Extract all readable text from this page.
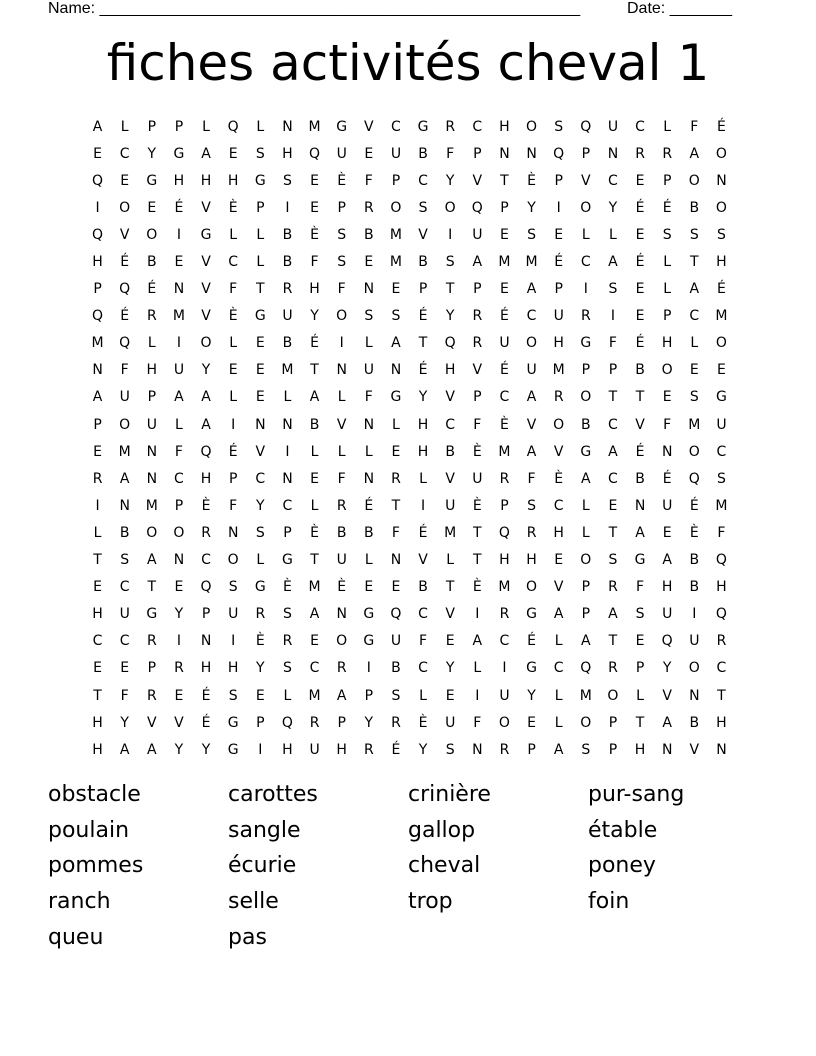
Name: ______________________________________________________	Date: _______
fiches activités cheval 1
A	L	P	P	L	Q	L	N	M	G	V	C	G	R	C	H	O	S	Q	U	C	L	F	É
E	C	Y	G	A	E	S	H	Q	U	E	U	B	F	P	N	N	Q	P	N	R	R	A	O
Q	E	G	H	H	H	G	S	E	È	F	P	C	Y	V	T	È	P	V	C	E	P	O	N
I	O	E	É	V	È	P	I	E	P	R	O	S	O	Q	P	Y	I	O	Y	É	É	B	O
Q	V	O	I	G	L	L	B	È	S	B	M	V	I	U	E	S	E	L	L	E	S	S	S
H	É	B	E	V	C	L	B	F	S	E	M	B	S	A	M	M	É	C	A	É	L	T	H
P	Q	É	N	V	F	T	R	H	F	N	E	P	T	P	E	A	P	I	S	E	L	A	É
Q	É	R	M	V	È	G	U	Y	O	S	S	É	Y	R	É	C	U	R	I	E	P	C	M
M	Q	L	I	O	L	E	B	É	I	L	A	T	Q	R	U	O	H	G	F	É	H	L	O
N	F	H	U	Y	E	E	M	T	N	U	N	É	H	V	É	U	M	P	P	B	O	E	E
A	U	P	A	A	L	E	L	A	L	F	G	Y	V	P	C	A	R	O	T	T	E	S	G
P	O	U	L	A	I	N	N	B	V	N	L	H	C	F	È	V	O	B	C	V	F	M	U
E	M	N	F	Q	É	V	I	L	L	L	E	H	B	È	M	A	V	G	A	É	N	O	C
R	A	N	C	H	P	C	N	E	F	N	R	L	V	U	R	F	È	A	C	B	É	Q	S
I	N	M	P	È	F	Y	C	L	R	É	T	I	U	È	P	S	C	L	E	N	U	É	M
L	B	O	O	R	N	S	P	È	B	B	F	É	M	T	Q	R	H	L	T	A	E	È	F
T	S	A	N	C	O	L	G	T	U	L	N	V	L	T	H	H	E	O	S	G	A	B	Q
E	C	T	E	Q	S	G	È	M	È	E	E	B	T	È	M	O	V	P	R	F	H	B	H
H	U	G	Y	P	U	R	S	A	N	G	Q	C	V	I	R	G	A	P	A	S	U	I	Q
C	C	R	I	N	I	È	R	E	O	G	U	F	E	A	C	É	L	A	T	E	Q	U	R
E	E	P	R	H	H	Y	S	C	R	I	B	C	Y	L	I	G	C	Q	R	P	Y	O	C
T	F	R	E	É	S	E	L	M	A	P	S	L	E	I	U	Y	L	M	O	L	V	N	T
H	Y	V	V	É	G	P	Q	R	P	Y	R	È	U	F	O	E	L	O	P	T	A	B	H
H	A	A	Y	Y	G	I	H	U	H	R	É	Y	S	N	R	P	A	S	P	H	N	V	N
obstacle	carottes	crinière	pur-sang
poulain	sangle	gallop	étable
pommes	écurie	cheval	poney
ranch	selle	trop	foin
queu	pas
